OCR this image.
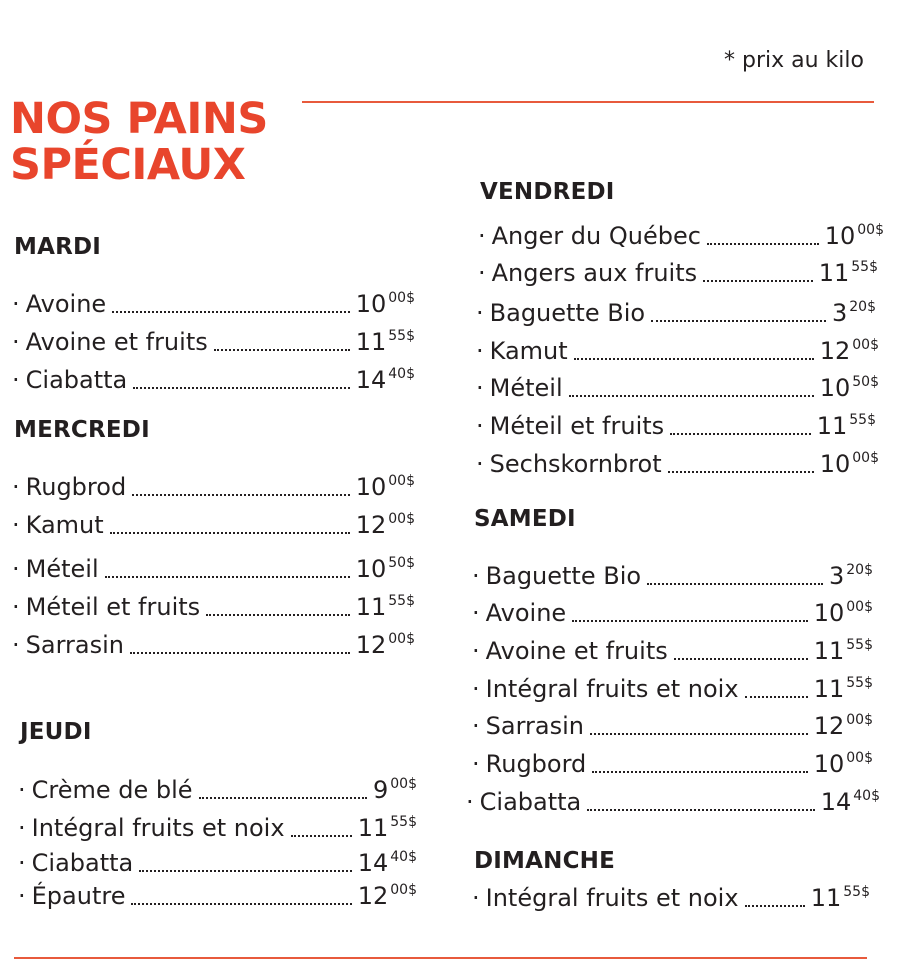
* prix au kilo
NOS PAINS
SPÉCIAUX
MARDI
· Avoine	10 $^{00\$}$
· Avoine et fruits	11 $^{55\$}$
· Ciabatta	14 $^{40\$}$
MERCREDI
· Rugbrod	10 $^{00\$}$
· Kamut	12 $^{00\$}$
· Méteil	10 $^{50\$}$
· Méteil et fruits	11 $^{55\$}$
· Sarrasin	12 $^{00\$}$
JEUDI
· Crème de blé	9 $^{00\$}$
· Intégral fruits et noix	11 $^{55\$}$
· Ciabatta	14 $^{40\$}$
· Épautre	12 $^{00\$}$
VENDREDI
· Anger du Québec	10 $^{00\$}$
· Angers aux fruits	11 $^{55\$}$
· Baguette Bio	3 $^{20\$}$
· Kamut	12 $^{00\$}$
· Méteil	10 $^{50\$}$
· Méteil et fruits	11 $^{55\$}$
· Sechskornbrot	10 $^{00\$}$
SAMEDI
· Baguette Bio	3 $^{20\$}$
· Avoine	10 $^{00\$}$
· Avoine et fruits	11 $^{55\$}$
· Intégral fruits et noix	11 $^{55\$}$
· Sarrasin	12 $^{00\$}$
· Rugbord	10 $^{00\$}$
· Ciabatta	14 $^{40\$}$
DIMANCHE
· Intégral fruits et noix	11 $^{55\$}$
